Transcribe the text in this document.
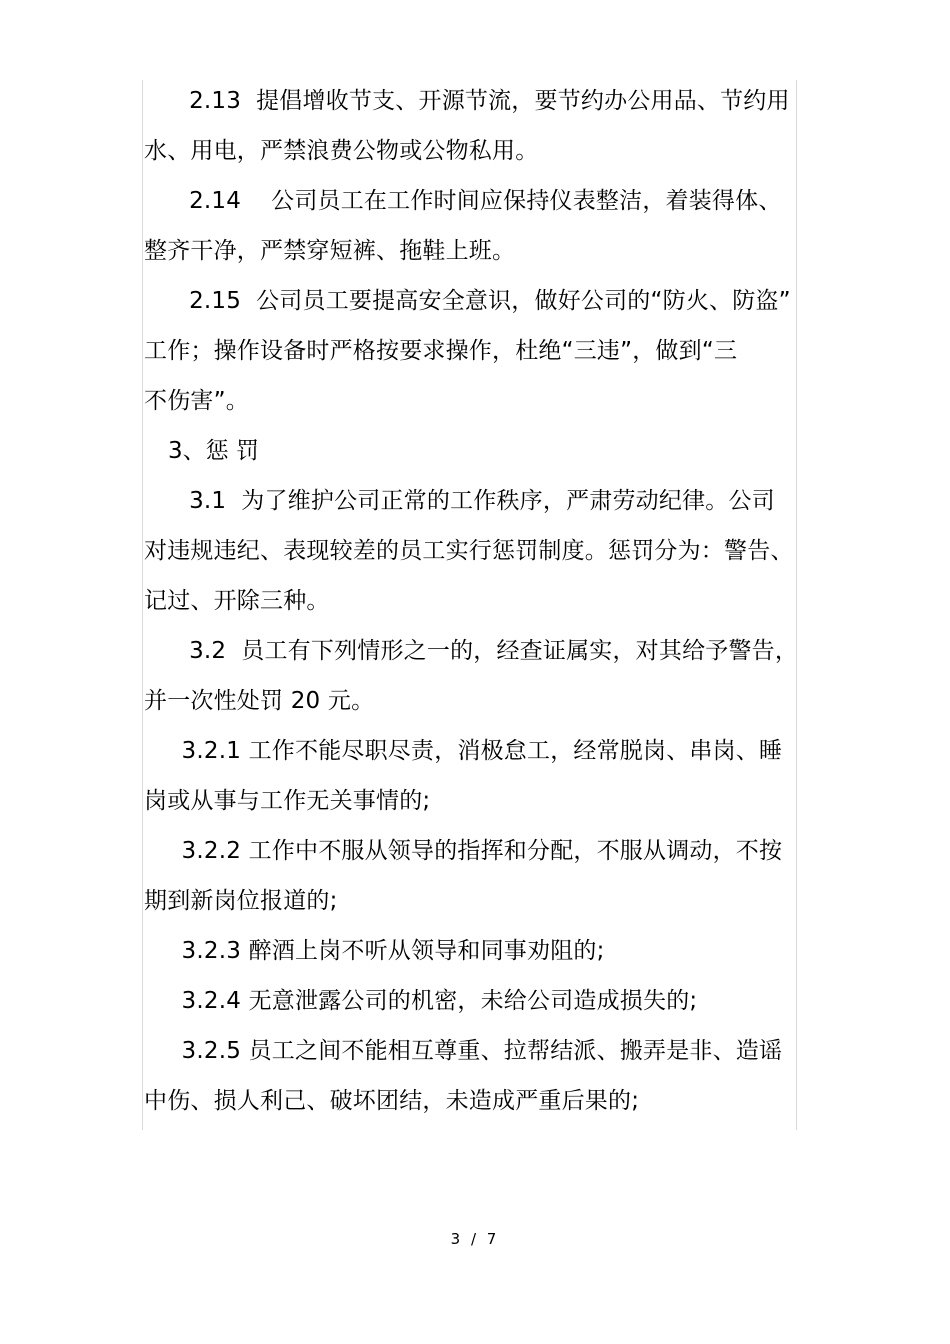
2.13  提倡增收节支、开源节流，要节约办公用品、节约用
水、用电，严禁浪费公物或公物私用。

2.14    公司员工在工作时间应保持仪表整洁，着装得体、
整齐干净，严禁穿短裤、拖鞋上班。

2.15  公司员工要提高安全意识，做好公司的“防火、防盗”
工作；操作设备时严格按要求操作，杜绝“三违”，做到“三
不伤害”。

3、惩 罚

3.1  为了维护公司正常的工作秩序，严肃劳动纪律。公司
对违规违纪、表现较差的员工实行惩罚制度。惩罚分为：警告、
记过、开除三种。

3.2  员工有下列情形之一的，经查证属实，对其给予警告，
并一次性处罚 20 元。

3.2.1 工作不能尽职尽责，消极怠工，经常脱岗、串岗、睡
岗或从事与工作无关事情的;

3.2.2 工作中不服从领导的指挥和分配，不服从调动，不按
期到新岗位报道的;

3.2.3 醉酒上岗不听从领导和同事劝阻的;

3.2.4 无意泄露公司的机密，未给公司造成损失的;

3.2.5 员工之间不能相互尊重、拉帮结派、搬弄是非、造谣
中伤、损人利己、破坏团结，未造成严重后果的;

3 / 7
